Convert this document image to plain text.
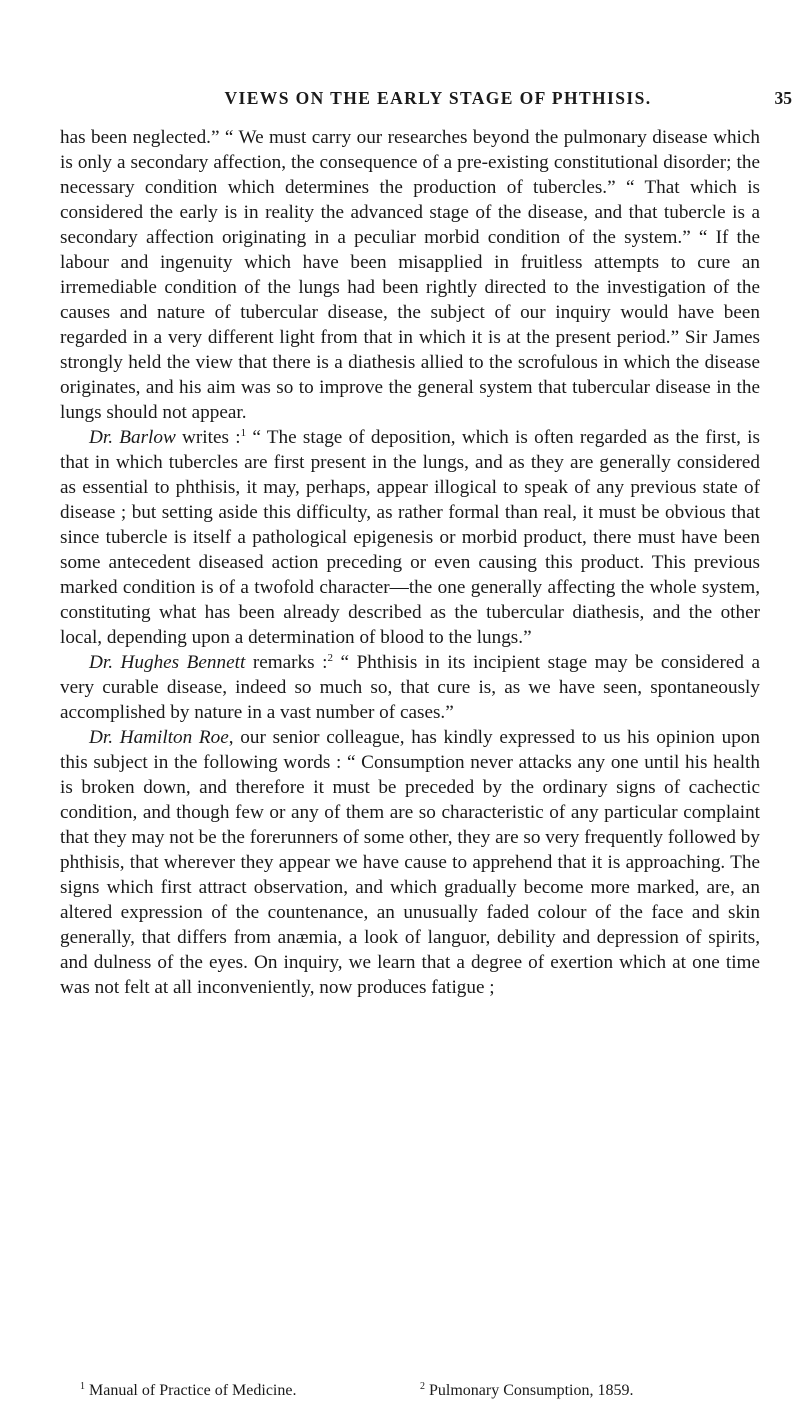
VIEWS ON THE EARLY STAGE OF PHTHISIS.	35

has been neglected.” “ We must carry our researches beyond the pulmonary disease which is only a secondary affection, the consequence of a pre-existing constitutional disorder; the necessary condition which determines the production of tubercles.” “ That which is considered the early is in reality the advanced stage of the disease, and that tubercle is a secondary affection originating in a peculiar morbid condition of the system.” “ If the labour and ingenuity which have been misapplied in fruitless attempts to cure an irremediable condition of the lungs had been rightly directed to the investigation of the causes and nature of tubercular disease, the subject of our inquiry would have been regarded in a very different light from that in which it is at the present period.” Sir James strongly held the view that there is a diathesis allied to the scrofulous in which the disease originates, and his aim was so to improve the general system that tubercular disease in the lungs should not appear.

Dr. Barlow writes :$^1$ “ The stage of deposition, which is often regarded as the first, is that in which tubercles are first present in the lungs, and as they are generally considered as essential to phthisis, it may, perhaps, appear illogical to speak of any previous state of disease ; but setting aside this difficulty, as rather formal than real, it must be obvious that since tubercle is itself a pathological epigenesis or morbid product, there must have been some antecedent diseased action preceding or even causing this product. This previous marked condition is of a twofold character—the one generally affecting the whole system, constituting what has been already described as the tubercular diathesis, and the other local, depending upon a determination of blood to the lungs.”

Dr. Hughes Bennett remarks :$^2$ “ Phthisis in its incipient stage may be considered a very curable disease, indeed so much so, that cure is, as we have seen, spontaneously accomplished by nature in a vast number of cases.”

Dr. Hamilton Roe, our senior colleague, has kindly expressed to us his opinion upon this subject in the following words : “ Consumption never attacks any one until his health is broken down, and therefore it must be preceded by the ordinary signs of cachectic condition, and though few or any of them are so characteristic of any particular complaint that they may not be the forerunners of some other, they are so very frequently followed by phthisis, that wherever they appear we have cause to apprehend that it is approaching. The signs which first attract observation, and which gradually become more marked, are, an altered expression of the countenance, an unusually faded colour of the face and skin generally, that differs from anæmia, a look of languor, debility and depression of spirits, and dulness of the eyes. On inquiry, we learn that a degree of exertion which at one time was not felt at all inconveniently, now produces fatigue ;

$^1$ Manual of Practice of Medicine.	$^2$ Pulmonary Consumption, 1859.
